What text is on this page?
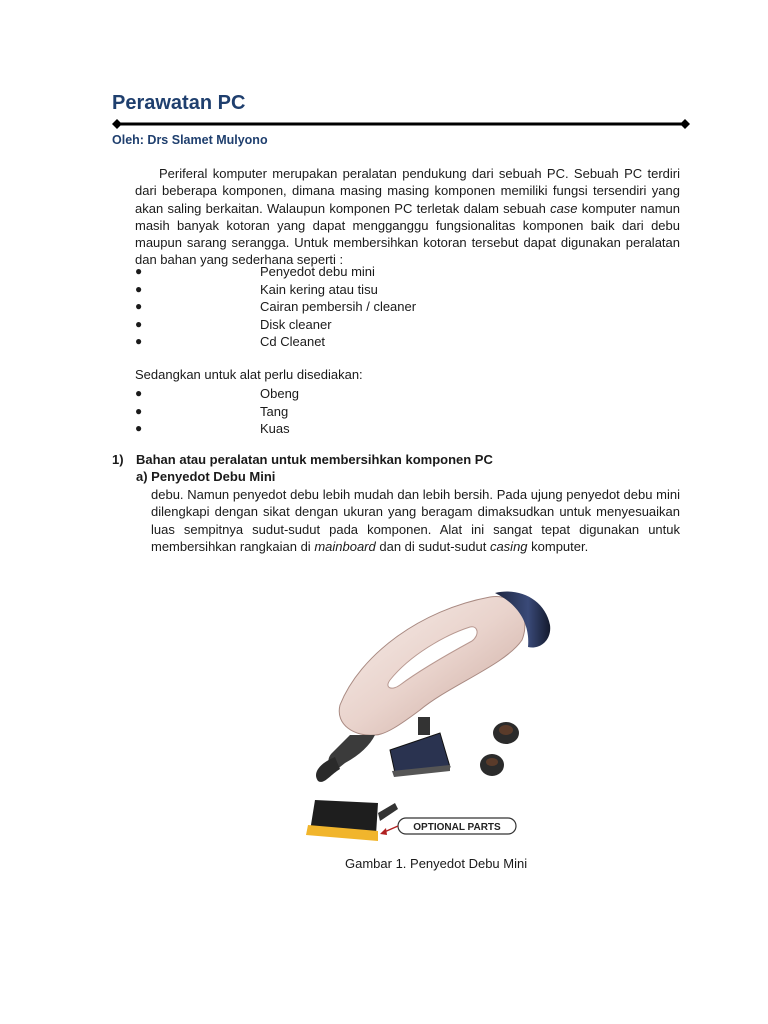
Perawatan PC
Oleh: Drs Slamet Mulyono

Periferal komputer merupakan peralatan pendukung dari sebuah PC. Sebuah PC terdiri dari beberapa komponen, dimana masing masing komponen memiliki fungsi tersendiri yang akan saling berkaitan. Walaupun komponen PC terletak dalam sebuah case komputer namun masih banyak kotoran yang dapat mengganggu fungsionalitas komponen baik dari debu maupun sarang serangga. Untuk membersihkan kotoran tersebut dapat digunakan peralatan dan bahan yang sederhana seperti :

●	Penyedot debu mini
●	Kain kering atau tisu
●	Cairan pembersih / cleaner
●	Disk cleaner
●	Cd Cleanet

Sedangkan untuk alat perlu disediakan:

●	Obeng
●	Tang
●	Kuas
1) Bahan atau peralatan untuk membersihkan komponen PC
a) Penyedot Debu Mini

debu. Namun penyedot debu lebih mudah dan lebih bersih. Pada ujung penyedot debu mini dilengkapi dengan sikat dengan ukuran yang beragam dimaksudkan untuk menyesuaikan luas sempitnya sudut-sudut pada komponen. Alat ini sangat tepat digunakan untuk membersihkan rangkaian di mainboard dan di sudut-sudut casing komputer.

OPTIONAL PARTS
Gambar 1. Penyedot Debu Mini
